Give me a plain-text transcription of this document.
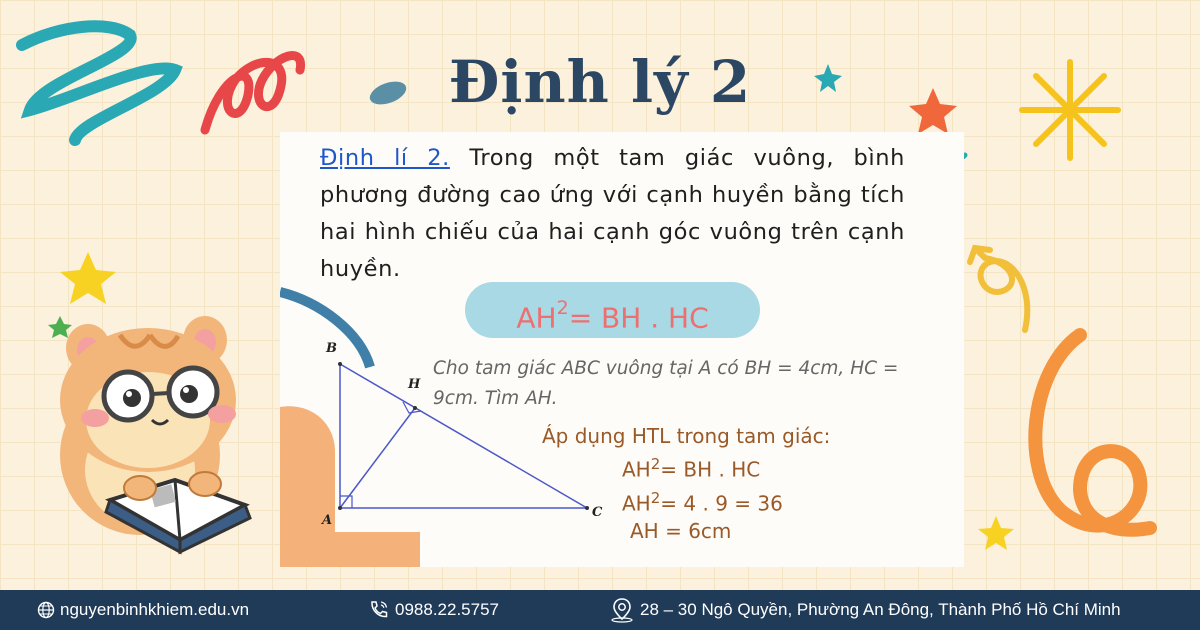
Định lý 2
Định lí 2. Trong một tam giác vuông, bình phương đường cao ứng với cạnh huyền bằng tích hai hình chiếu của hai cạnh góc vuông trên cạnh huyền.
$AH^2=$ BH . HC
B
A
C
H
Cho tam giác ABC vuông tại A có BH = 4cm, HC = 9cm. Tìm AH.
Áp dụng HTL trong tam giác:
$AH^2=$ BH . HC
$AH^2= 4$ . 9 = 36
AH = 6cm
nguyenbinhkhiem.edu.vn	0988.22.5757	28 – 30 Ngô Quyền, Phường An Đông, Thành Phố Hồ Chí Minh
